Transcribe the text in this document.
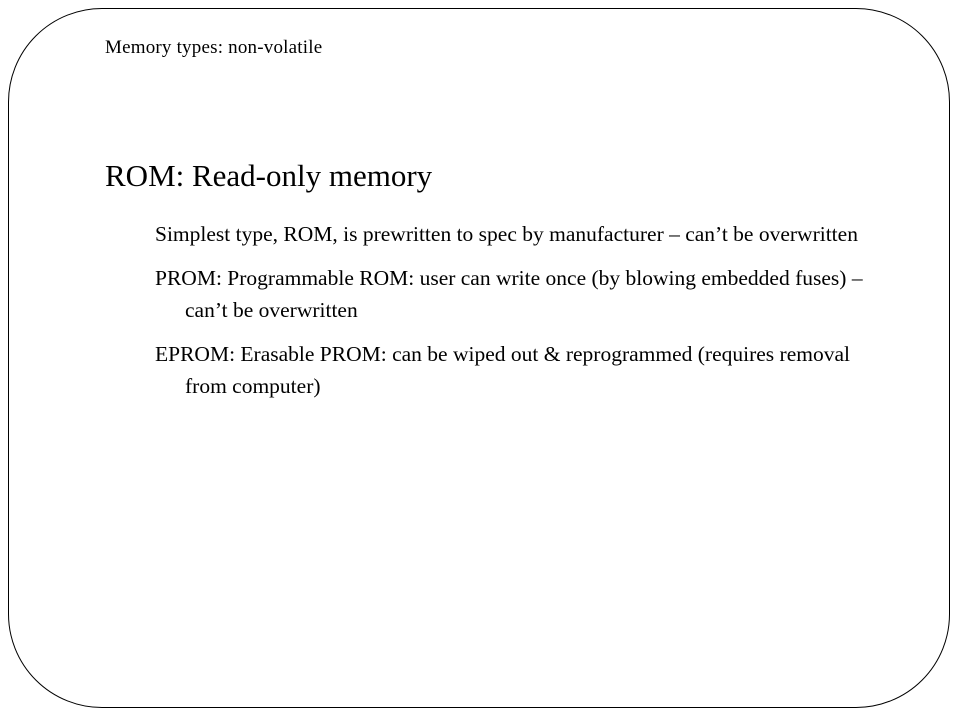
Memory types: non-volatile
ROM: Read-only memory
Simplest type, ROM, is prewritten to spec by manufacturer – can’t be overwritten
PROM: Programmable ROM: user can write once (by blowing embedded fuses) – can’t be overwritten
EPROM: Erasable PROM: can be wiped out & reprogrammed (requires removal from computer)
